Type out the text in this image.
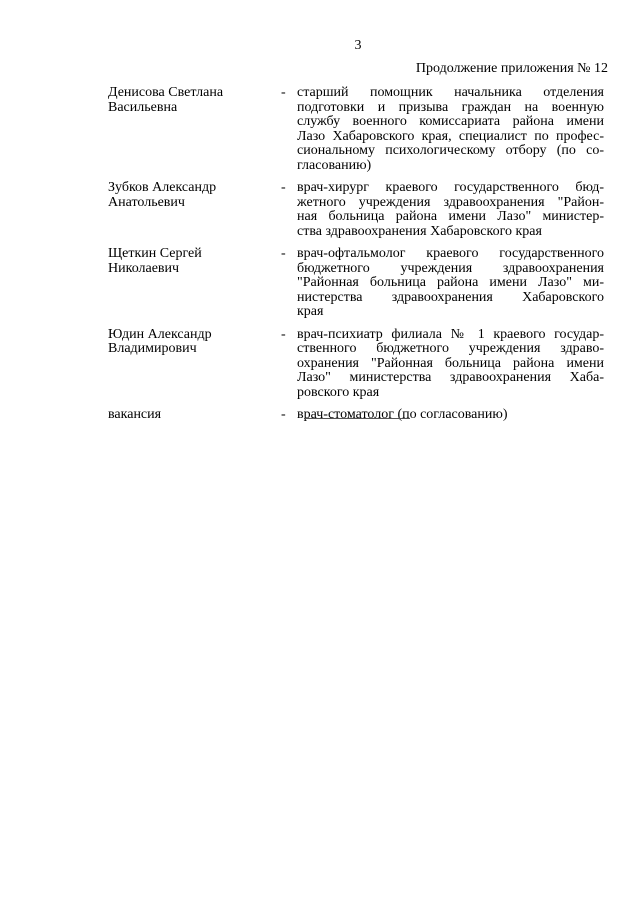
3
Продолжение приложения № 12
Денисова Светлана
Васильевна
- старший помощник начальника отделения
подготовки и призыва граждан на военную
службу военного комиссариата района имени
Лазо Хабаровского края, специалист по профес-
сиональному психологическому отбору (по со-
гласованию)
Зубков Александр
Анатольевич
- врач-хирург краевого государственного бюд-
жетного учреждения здравоохранения "Район-
ная больница района имени Лазо" министер-
ства здравоохранения Хабаровского края
Щеткин Сергей
Николаевич
- врач-офтальмолог краевого государственного
бюджетного учреждения здравоохранения
"Районная больница района имени Лазо" ми-
нистерства здравоохранения Хабаровского
края
Юдин Александр
Владимирович
- врач-психиатр филиала № 1 краевого государ-
ственного бюджетного учреждения здраво-
охранения "Районная больница района имени
Лазо" министерства здравоохранения Хаба-
ровского края
вакансия	- врач-стоматолог (по согласованию)
